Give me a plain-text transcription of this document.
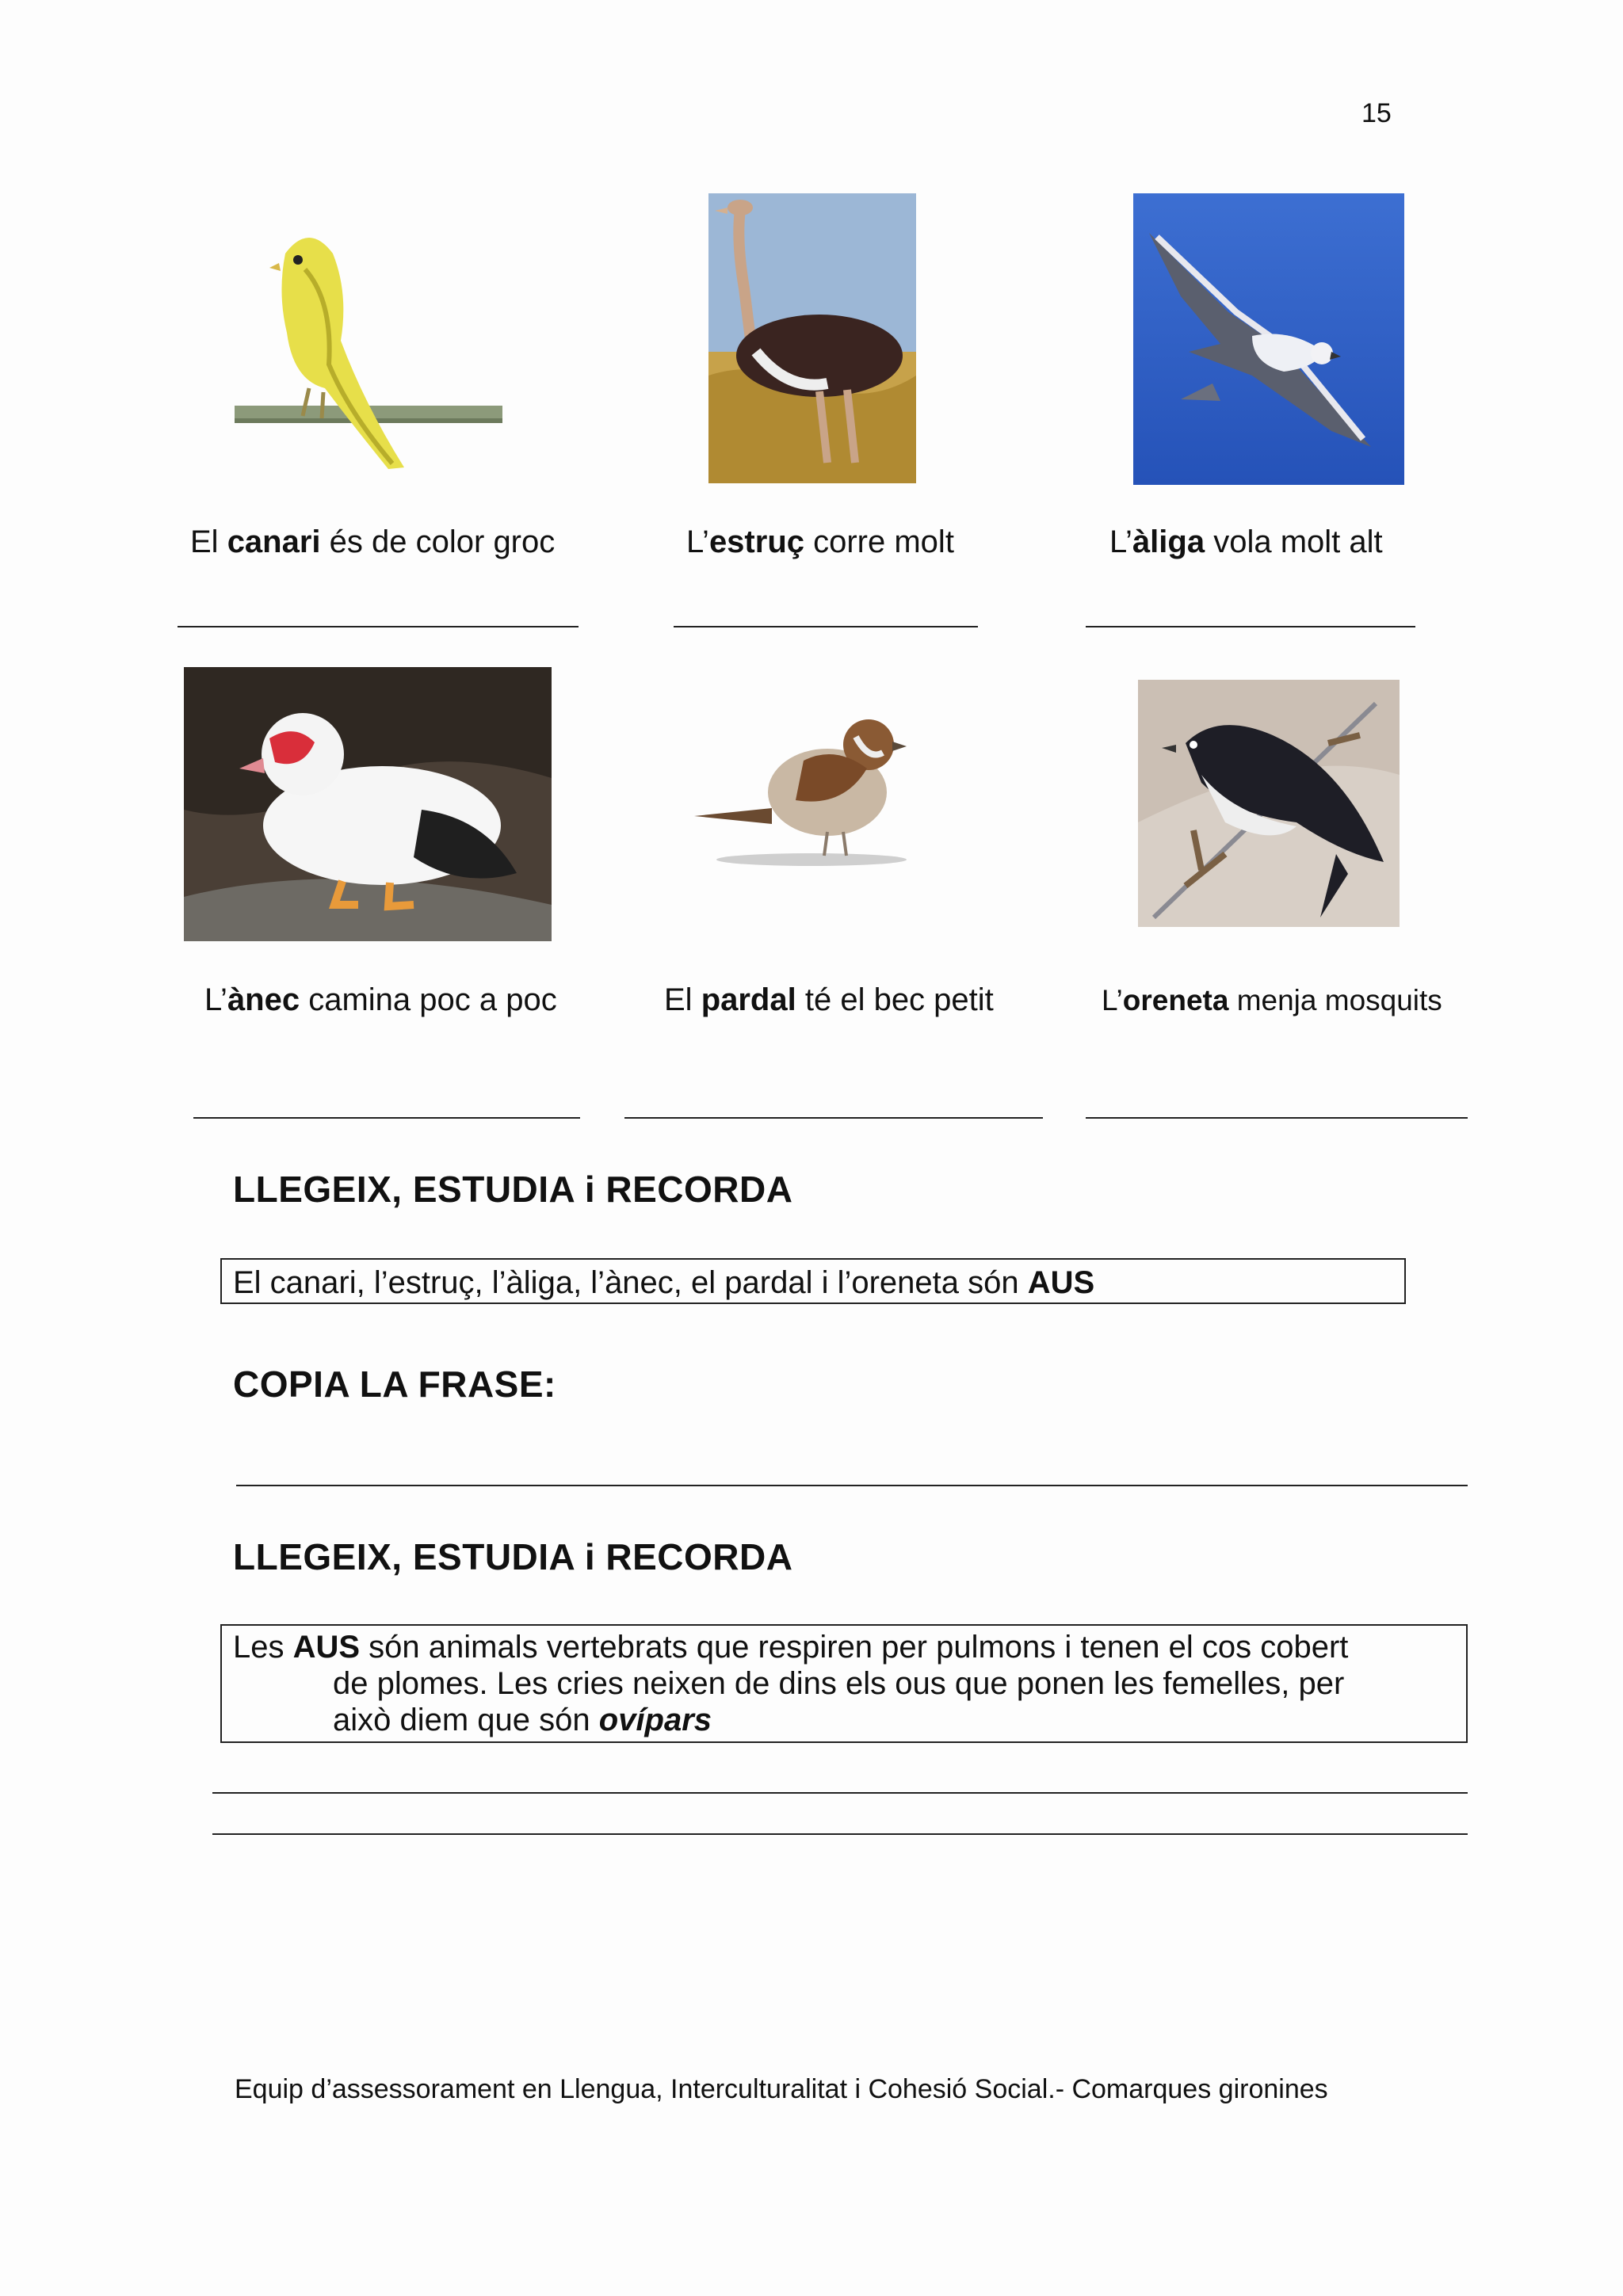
15
El canari és de color groc	L’estruç corre molt	L’àliga vola molt alt
L’ànec camina poc a poc	El pardal té el bec petit	L’oreneta menja mosquits
LLEGEIX, ESTUDIA i RECORDA
El canari, l’estruç, l’àliga, l’ànec, el pardal i l’oreneta són AUS
COPIA LA FRASE:
LLEGEIX, ESTUDIA i RECORDA
Les AUS són animals vertebrats que respiren per pulmons i tenen el cos cobert
de plomes. Les cries neixen de dins els ous que ponen les femelles, per
això diem que són ovípars
Equip d’assessorament en Llengua, Interculturalitat i Cohesió Social.- Comarques gironines
